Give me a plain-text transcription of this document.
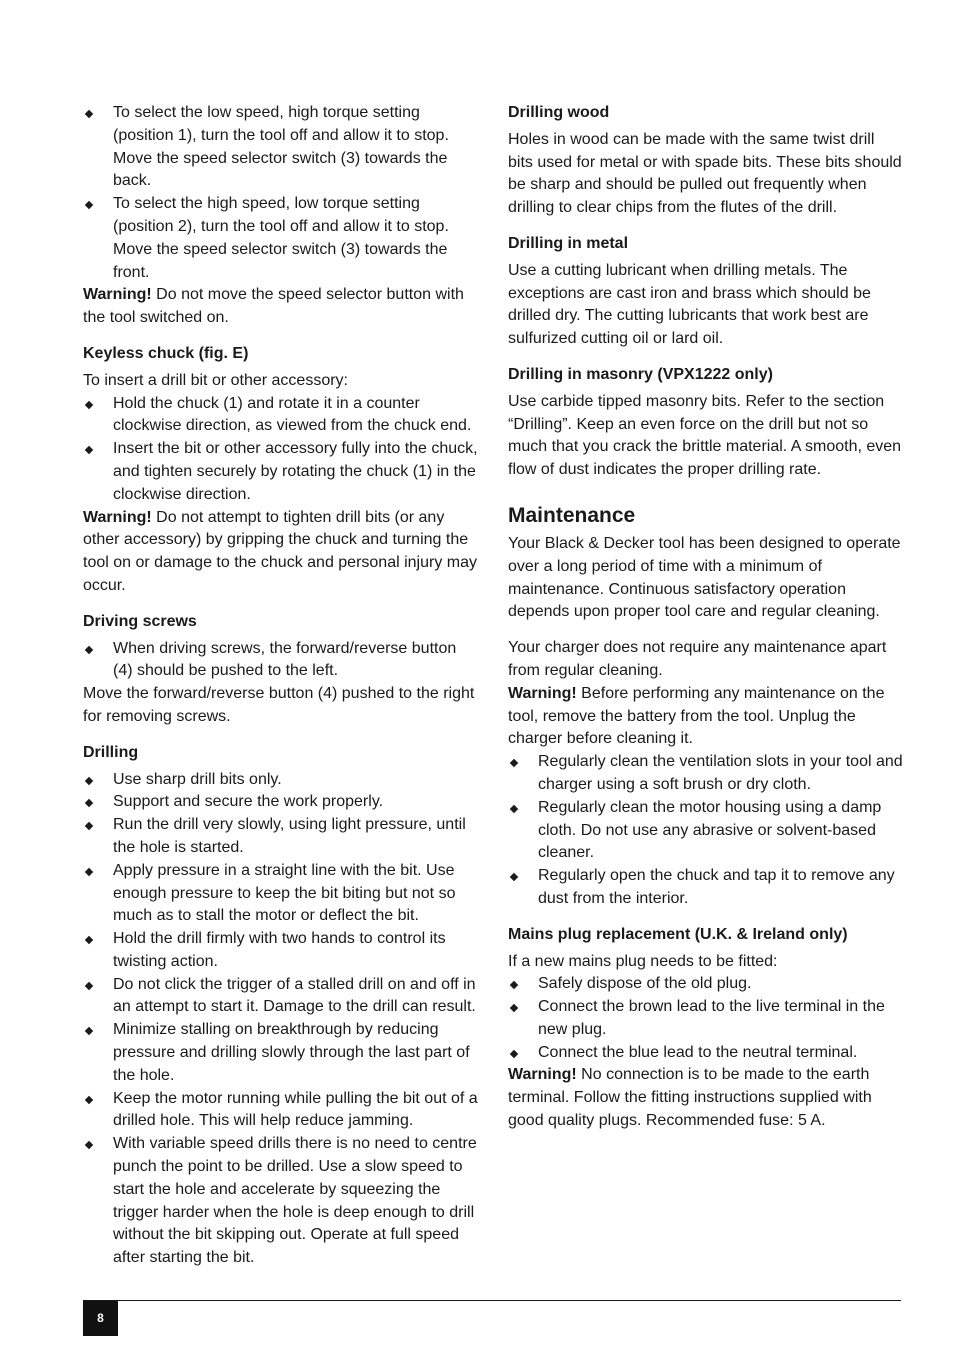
To select the low speed, high torque setting (position 1), turn the tool off and allow it to stop. Move the speed selector switch (3) towards the back.
To select the high speed, low torque setting (position 2), turn the tool off and allow it to stop. Move the speed selector switch (3) towards the front.

Warning! Do not move the speed selector button with the tool switched on.

Keyless chuck (fig. E)

To insert a drill bit or other accessory:

Hold the chuck (1) and rotate it in a counter clockwise direction, as viewed from the chuck end.
Insert the bit or other accessory fully into the chuck, and tighten securely by rotating the chuck (1) in the clockwise direction.

Warning! Do not attempt to tighten drill bits (or any other accessory) by gripping the chuck and turning the tool on or damage to the chuck and personal injury may occur.

Driving screws

When driving screws, the forward/reverse button (4) should be pushed to the left.

Move the forward/reverse button (4) pushed to the right for removing screws.

Drilling

Use sharp drill bits only.
Support and secure the work properly.
Run the drill very slowly, using light pressure, until the hole is started.
Apply pressure in a straight line with the bit. Use enough pressure to keep the bit biting but not so much as to stall the motor or deflect the bit.
Hold the drill firmly with two hands to control its twisting action.
Do not click the trigger of a stalled drill on and off in an attempt to start it. Damage to the drill can result.
Minimize stalling on breakthrough by reducing pressure and drilling slowly through the last part of the hole.
Keep the motor running while pulling the bit out of a drilled hole. This will help reduce jamming.
With variable speed drills there is no need to centre punch the point to be drilled. Use a slow speed to start the hole and accelerate by squeezing the trigger harder when the hole is deep enough to drill without the bit skipping out. Operate at full speed after starting the bit.

Drilling wood

Holes in wood can be made with the same twist drill bits used for metal or with spade bits. These bits should be sharp and should be pulled out frequently when drilling to clear chips from the flutes of the drill.

Drilling in metal

Use a cutting lubricant when drilling metals. The exceptions are cast iron and brass which should be drilled dry. The cutting lubricants that work best are sulfurized cutting oil or lard oil.

Drilling in masonry (VPX1222 only)

Use carbide tipped masonry bits. Refer to the section “Drilling”. Keep an even force on the drill but not so much that you crack the brittle material. A smooth, even flow of dust indicates the proper drilling rate.

Maintenance

Your Black & Decker tool has been designed to operate over a long period of time with a minimum of maintenance. Continuous satisfactory operation depends upon proper tool care and regular cleaning.

Your charger does not require any maintenance apart from regular cleaning.

Warning! Before performing any maintenance on the tool, remove the battery from the tool. Unplug the charger before cleaning it.

Regularly clean the ventilation slots in your tool and charger using a soft brush or dry cloth.
Regularly clean the motor housing using a damp cloth. Do not use any abrasive or solvent-based cleaner.
Regularly open the chuck and tap it to remove any dust from the interior.

Mains plug replacement (U.K. & Ireland only)

If a new mains plug needs to be fitted:

Safely dispose of the old plug.
Connect the brown lead to the live terminal in the new plug.
Connect the blue lead to the neutral terminal.

Warning! No connection is to be made to the earth terminal. Follow the fitting instructions supplied with good quality plugs. Recommended fuse: 5 A.

8
